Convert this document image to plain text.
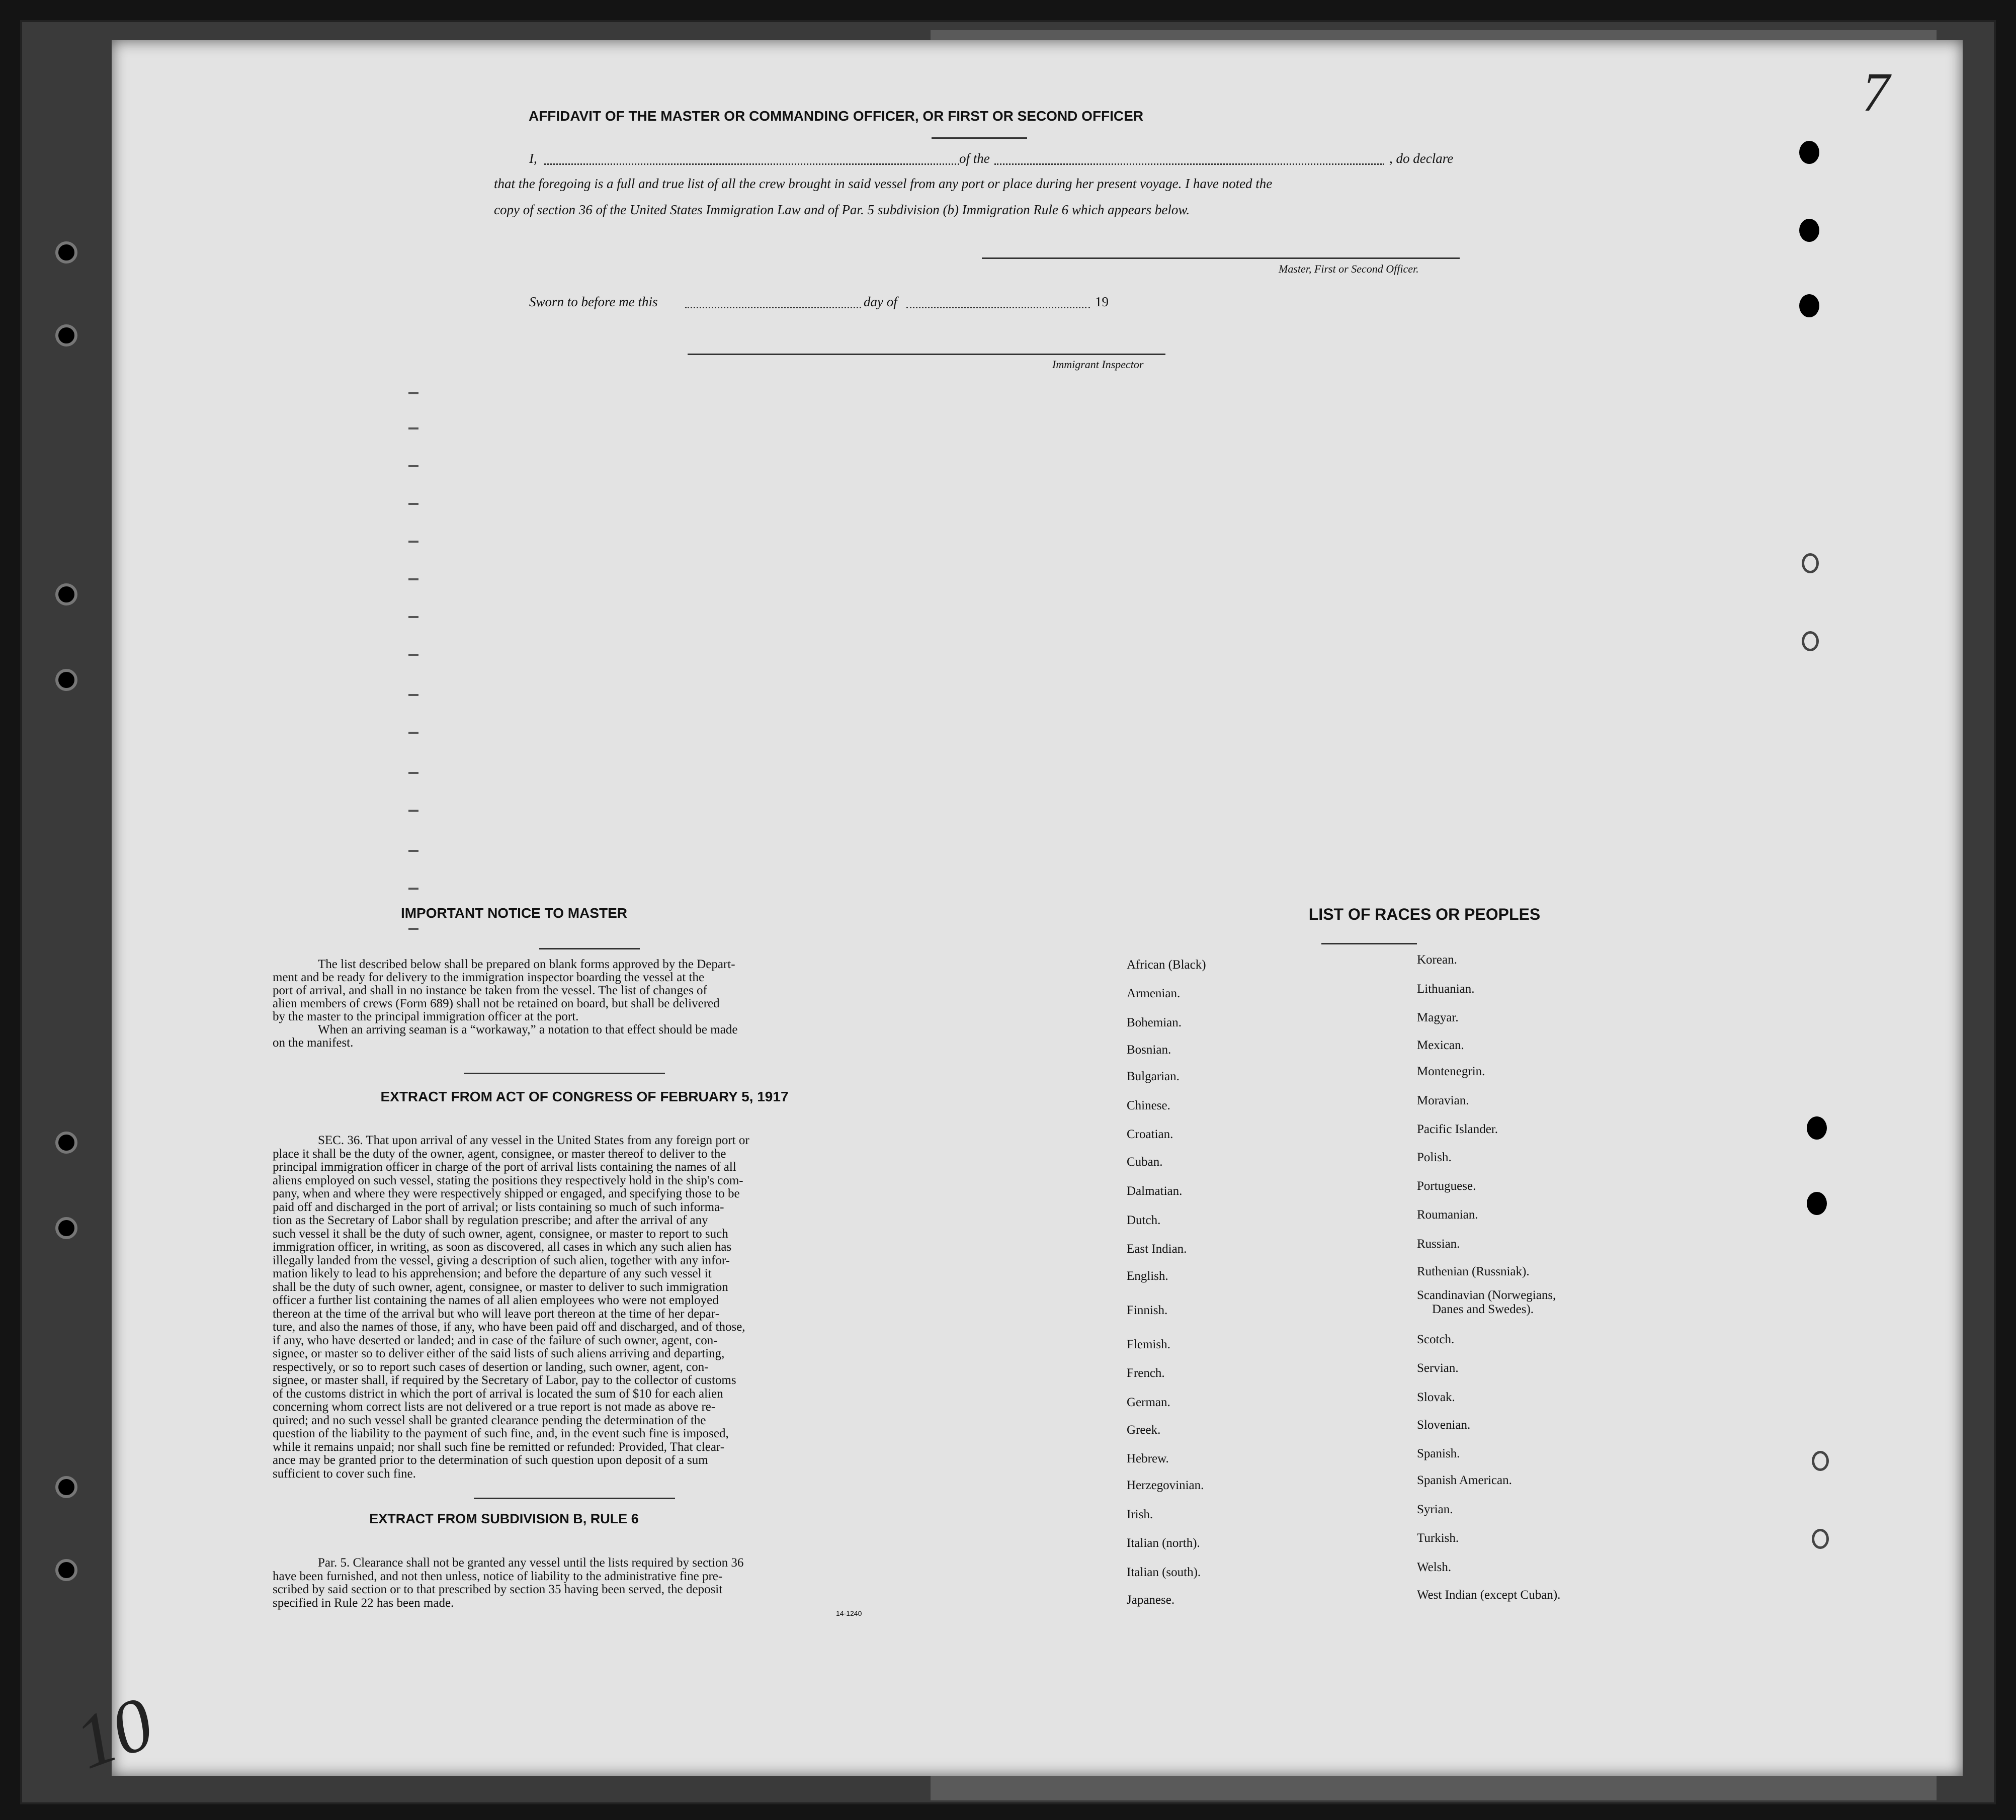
7
AFFIDAVIT OF THE MASTER OR COMMANDING OFFICER, OR FIRST OR SECOND OFFICER
I,	of the	, do declare
that the foregoing is a full and true list of all the crew brought in said vessel from any port or place during her present voyage. I have noted the
copy of section 36 of the United States Immigration Law and of Par. 5 subdivision (b) Immigration Rule 6 which appears below.
Master, First or Second Officer.
Sworn to before me this	day of	19
Immigrant Inspector
IMPORTANT NOTICE TO MASTER
The list described below shall be prepared on blank forms approved by the Depart-
ment and be ready for delivery to the immigration inspector boarding the vessel at the
port of arrival, and shall in no instance be taken from the vessel. The list of changes of
alien members of crews (Form 689) shall not be retained on board, but shall be delivered
by the master to the principal immigration officer at the port.
When an arriving seaman is a “workaway,” a notation to that effect should be made
on the manifest.
EXTRACT FROM ACT OF CONGRESS OF FEBRUARY 5, 1917
SEC. 36. That upon arrival of any vessel in the United States from any foreign port or
place it shall be the duty of the owner, agent, consignee, or master thereof to deliver to the
principal immigration officer in charge of the port of arrival lists containing the names of all
aliens employed on such vessel, stating the positions they respectively hold in the ship's com-
pany, when and where they were respectively shipped or engaged, and specifying those to be
paid off and discharged in the port of arrival; or lists containing so much of such informa-
tion as the Secretary of Labor shall by regulation prescribe; and after the arrival of any
such vessel it shall be the duty of such owner, agent, consignee, or master to report to such
immigration officer, in writing, as soon as discovered, all cases in which any such alien has
illegally landed from the vessel, giving a description of such alien, together with any infor-
mation likely to lead to his apprehension; and before the departure of any such vessel it
shall be the duty of such owner, agent, consignee, or master to deliver to such immigration
officer a further list containing the names of all alien employees who were not employed
thereon at the time of the arrival but who will leave port thereon at the time of her depar-
ture, and also the names of those, if any, who have been paid off and discharged, and of those,
if any, who have deserted or landed; and in case of the failure of such owner, agent, con-
signee, or master so to deliver either of the said lists of such aliens arriving and departing,
respectively, or so to report such cases of desertion or landing, such owner, agent, con-
signee, or master shall, if required by the Secretary of Labor, pay to the collector of customs
of the customs district in which the port of arrival is located the sum of $10 for each alien
concerning whom correct lists are not delivered or a true report is not made as above re-
quired; and no such vessel shall be granted clearance pending the determination of the
question of the liability to the payment of such fine, and, in the event such fine is imposed,
while it remains unpaid; nor shall such fine be remitted or refunded: Provided, That clear-
ance may be granted prior to the determination of such question upon deposit of a sum
sufficient to cover such fine.
EXTRACT FROM SUBDIVISION B, RULE 6
Par. 5. Clearance shall not be granted any vessel until the lists required by section 36
have been furnished, and not then unless, notice of liability to the administrative fine pre-
scribed by said section or to that prescribed by section 35 having been served, the deposit
specified in Rule 22 has been made.
14-1240
10
LIST OF RACES OR PEOPLES
African (Black)
Armenian.
Bohemian.
Bosnian.
Bulgarian.
Chinese.
Croatian.
Cuban.
Dalmatian.
Dutch.
East Indian.
English.
Finnish.
Flemish.
French.
German.
Greek.
Hebrew.
Herzegovinian.
Irish.
Italian (north).
Italian (south).
Japanese.
Korean.
Lithuanian.
Magyar.
Mexican.
Montenegrin.
Moravian.
Pacific Islander.
Polish.
Portuguese.
Roumanian.
Russian.
Ruthenian (Russniak).
Scandinavian (Norwegians,
Danes and Swedes).
Scotch.
Servian.
Slovak.
Slovenian.
Spanish.
Spanish American.
Syrian.
Turkish.
Welsh.
West Indian (except Cuban).
